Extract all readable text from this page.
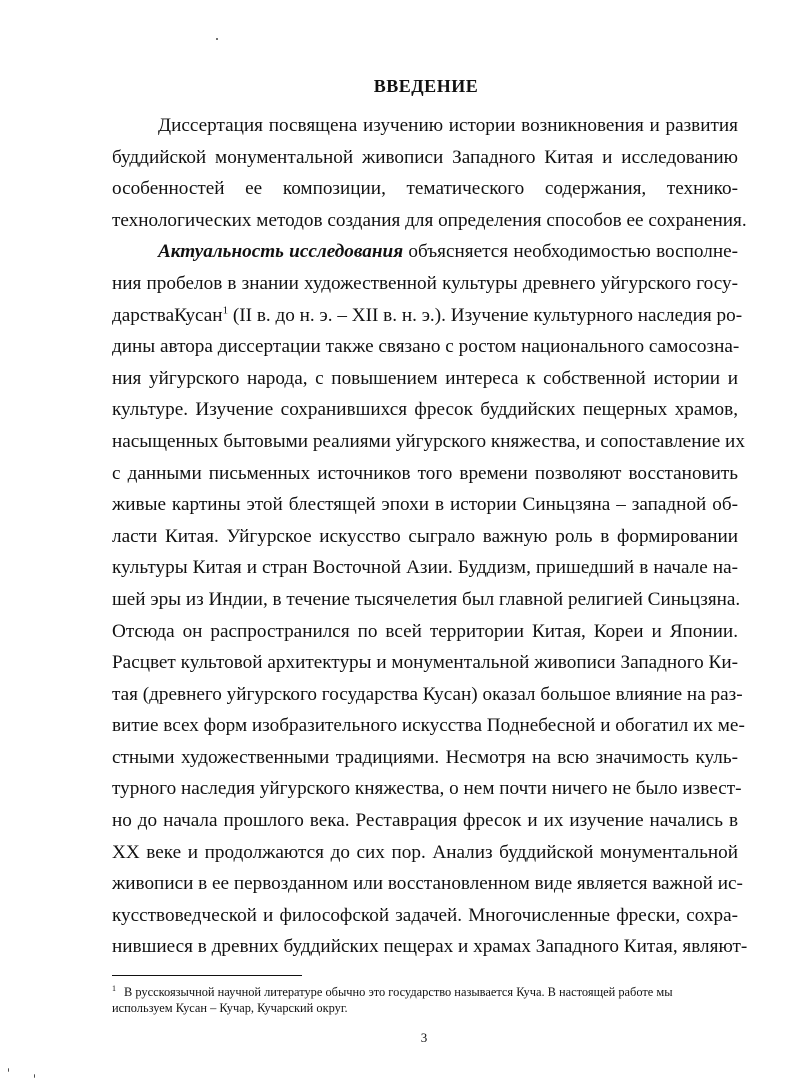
ВВЕДЕНИЕ
Диссертация посвящена изучению истории возникновения и развития
буддийской монументальной живописи Западного Китая и исследованию
особенностей ее композиции, тематического содержания, технико-
технологических методов создания для определения способов ее сохранения.
Актуальность исследования объясняется необходимостью восполне-
ния пробелов в знании художественной культуры древнего уйгурского госу-
дарстваКусан$^1$ (II в. до н. э. – XII в. н. э.). Изучение культурного наследия ро-
дины автора диссертации также связано с ростом национального самосозна-
ния уйгурского народа, с повышением интереса к собственной истории и
культуре. Изучение сохранившихся фресок буддийских пещерных храмов,
насыщенных бытовыми реалиями уйгурского княжества, и сопоставление их
с данными письменных источников того времени позволяют восстановить
живые картины этой блестящей эпохи в истории Синьцзяна – западной об-
ласти Китая. Уйгурское искусство сыграло важную роль в формировании
культуры Китая и стран Восточной Азии. Буддизм, пришедший в начале на-
шей эры из Индии, в течение тысячелетия был главной религией Синьцзяна.
Отсюда он распространился по всей территории Китая, Кореи и Японии.
Расцвет культовой архитектуры и монументальной живописи Западного Ки-
тая (древнего уйгурского государства Кусан) оказал большое влияние на раз-
витие всех форм изобразительного искусства Поднебесной и обогатил их ме-
стными художественными традициями. Несмотря на всю значимость куль-
турного наследия уйгурского княжества, о нем почти ничего не было извест-
но до начала прошлого века. Реставрация фресок и их изучение начались в
XX веке и продолжаются до сих пор. Анализ буддийской монументальной
живописи в ее первозданном или восстановленном виде является важной ис-
кусствоведческой и философской задачей. Многочисленные фрески, сохра-
нившиеся в древних буддийских пещерах и храмах Западного Китая, являют-
$^1$ В русскоязычной научной литературе обычно это государство называется Куча. В настоящей работе мы
используем Кусан – Кучар, Кучарский округ.
3
